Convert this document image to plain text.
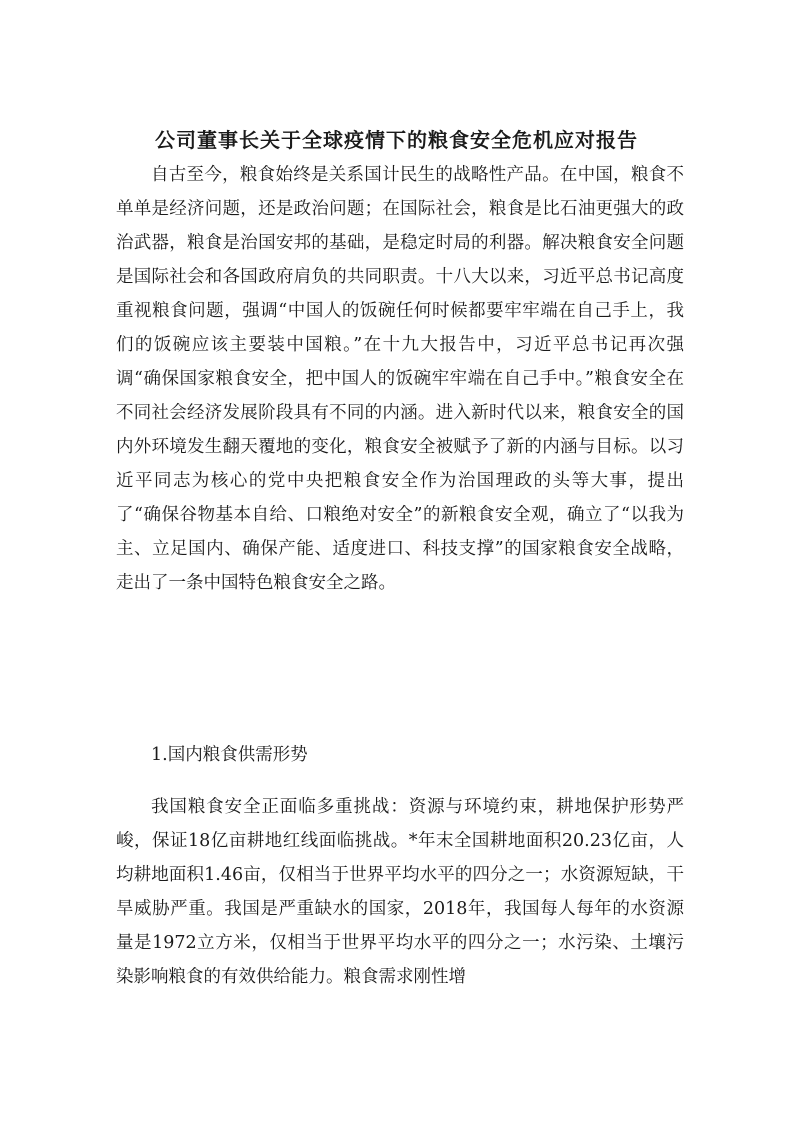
公司董事长关于全球疫情下的粮食安全危机应对报告
自古至今，粮食始终是关系国计民生的战略性产品。在中国，粮食不单单是经济问题，还是政治问题；在国际社会，粮食是比石油更强大的政治武器，粮食是治国安邦的基础，是稳定时局的利器。解决粮食安全问题是国际社会和各国政府肩负的共同职责。十八大以来，习近平总书记高度重视粮食问题，强调“中国人的饭碗任何时候都要牢牢端在自己手上，我们的饭碗应该主要装中国粮。”在十九大报告中，习近平总书记再次强调“确保国家粮食安全，把中国人的饭碗牢牢端在自己手中。”粮食安全在不同社会经济发展阶段具有不同的内涵。进入新时代以来，粮食安全的国内外环境发生翻天覆地的变化，粮食安全被赋予了新的内涵与目标。以习近平同志为核心的党中央把粮食安全作为治国理政的头等大事，提出了“确保谷物基本自给、口粮绝对安全”的新粮食安全观，确立了“以我为主、立足国内、确保产能、适度进口、科技支撑”的国家粮食安全战略，走出了一条中国特色粮食安全之路。
1.国内粮食供需形势
我国粮食安全正面临多重挑战：资源与环境约束，耕地保护形势严峻，保证18亿亩耕地红线面临挑战。*年末全国耕地面积20.23亿亩，人均耕地面积1.46亩，仅相当于世界平均水平的四分之一；水资源短缺，干旱威胁严重。我国是严重缺水的国家，2018年，我国每人每年的水资源量是1972立方米，仅相当于世界平均水平的四分之一；水污染、土壤污染影响粮食的有效供给能力。粮食需求刚性增
